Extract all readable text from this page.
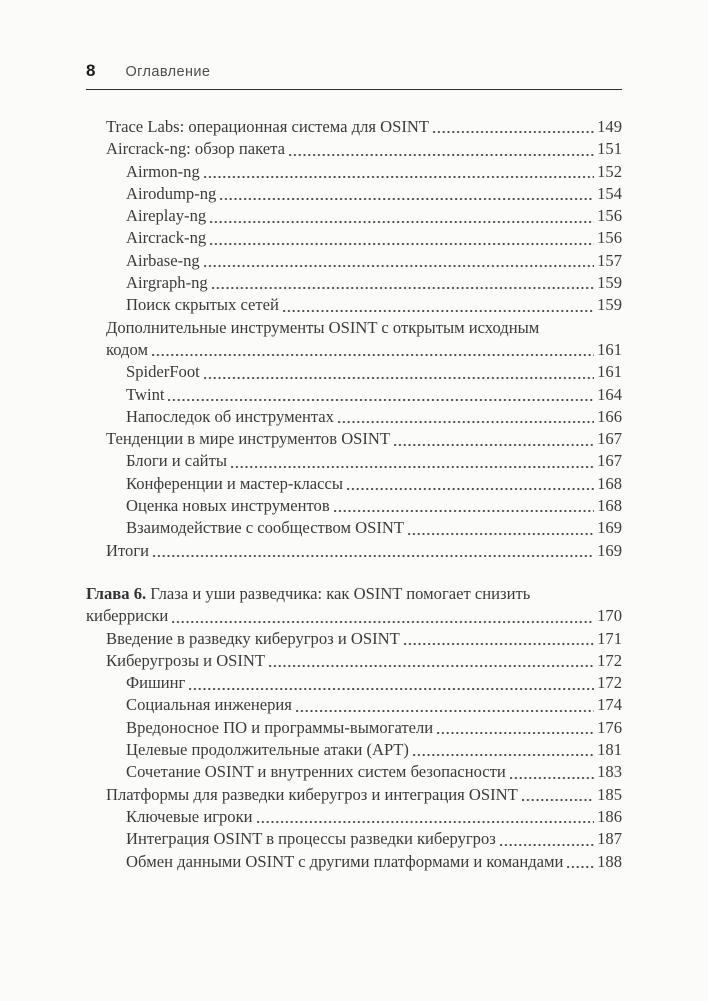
8 Оглавление
Trace Labs: операционная система для OSINT	149
Aircrack-ng: обзор пакета	151
Airmon-ng	152
Airodump-ng	154
Aireplay-ng	156
Aircrack-ng	156
Airbase-ng	157
Airgraph-ng	159
Поиск скрытых сетей	159
Дополнительные инструменты OSINT с открытым исходным
кодом	161
SpiderFoot	161
Twint	164
Напоследок об инструментах	166
Тенденции в мире инструментов OSINT	167
Блоги и сайты	167
Конференции и мастер-классы	168
Оценка новых инструментов	168
Взаимодействие с сообществом OSINT	169
Итоги	169
Глава 6. Глаза и уши разведчика: как OSINT помогает снизить
киберриски	170
Введение в разведку киберугроз и OSINT	171
Киберугрозы и OSINT	172
Фишинг	172
Социальная инженерия	174
Вредоносное ПО и программы-вымогатели	176
Целевые продолжительные атаки (APT)	181
Сочетание OSINT и внутренних систем безопасности	183
Платформы для разведки киберугроз и интеграция OSINT	185
Ключевые игроки	186
Интеграция OSINT в процессы разведки киберугроз	187
Обмен данными OSINT с другими платформами и командами 188
